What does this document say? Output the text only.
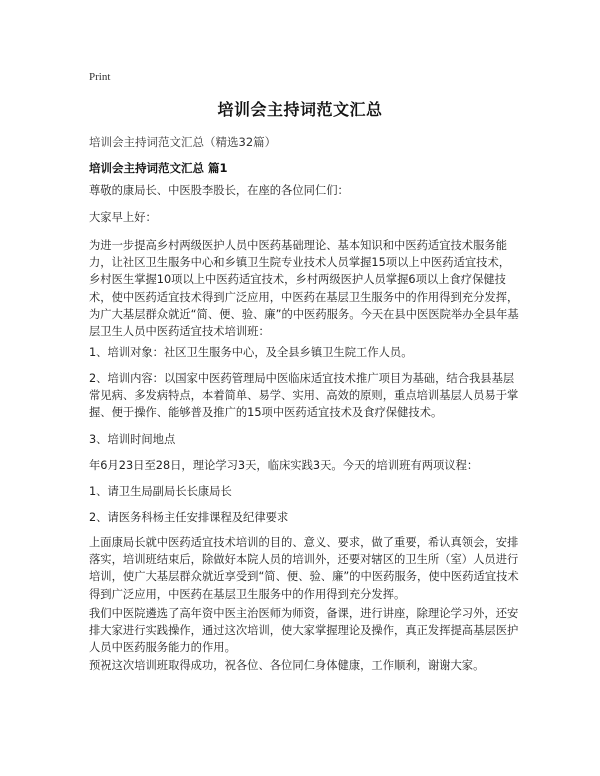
Print
培训会主持词范文汇总
培训会主持词范文汇总（精选32篇）
培训会主持词范文汇总 篇1

尊敬的康局长、中医股李股长，在座的各位同仁们：

大家早上好：

为进一步提高乡村两级医护人员中医药基础理论、基本知识和中医药适宜技术服务能力，让社区卫生服务中心和乡镇卫生院专业技术人员掌握15项以上中医药适宜技术，乡村医生掌握10项以上中医药适宜技术，乡村两级医护人员掌握6项以上食疗保健技术，使中医药适宜技术得到广泛应用，中医药在基层卫生服务中的作用得到充分发挥，为广大基层群众就近“简、便、验、廉”的中医药服务。今天在县中医医院举办全县年基层卫生人员中医药适宜技术培训班：

1、培训对象：社区卫生服务中心，及全县乡镇卫生院工作人员。

2、培训内容：以国家中医药管理局中医临床适宜技术推广项目为基础，结合我县基层常见病、多发病特点，本着简单、易学、实用、高效的原则，重点培训基层人员易于掌握、便于操作、能够普及推广的15项中医药适宜技术及食疗保健技术。

3、培训时间地点

年6月23日至28日，理论学习3天，临床实践3天。今天的培训班有两项议程：

1、请卫生局副局长长康局长

2、请医务科杨主任安排课程及纪律要求

上面康局长就中医药适宜技术培训的目的、意义、要求，做了重要，希认真领会，安排落实，培训班结束后，除做好本院人员的培训外，还要对辖区的卫生所（室）人员进行培训，使广大基层群众就近享受到“简、便、验、廉”的中医药服务，使中医药适宜技术得到广泛应用，中医药在基层卫生服务中的作用得到充分发挥。

我们中医院遴选了高年资中医主治医师为师资，备课，进行讲座，除理论学习外，还安排大家进行实践操作，通过这次培训，使大家掌握理论及操作，真正发挥提高基层医护人员中医药服务能力的作用。

预祝这次培训班取得成功，祝各位、各位同仁身体健康，工作顺利，谢谢大家。
